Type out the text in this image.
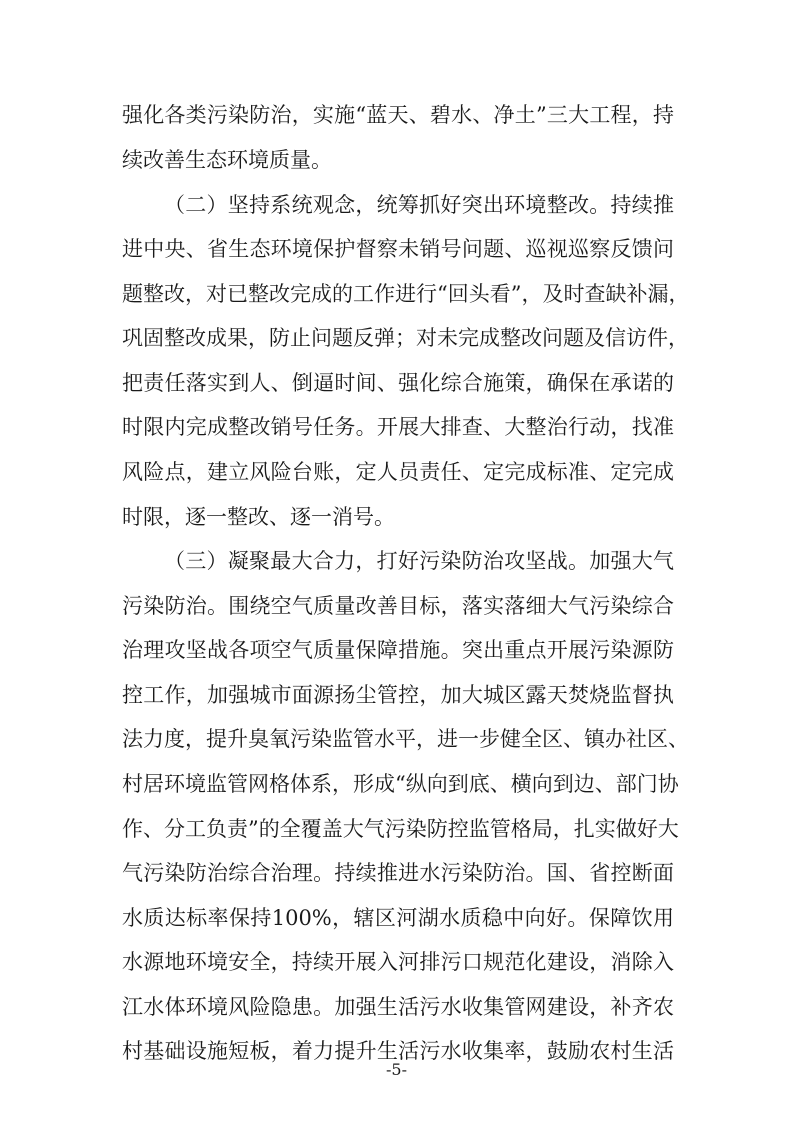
强化各类污染防治，实施“蓝天、碧水、净土”三大工程，持
续改善生态环境质量。
（二）坚持系统观念，统筹抓好突出环境整改。持续推
进中央、省生态环境保护督察未销号问题、巡视巡察反馈问
题整改，对已整改完成的工作进行“回头看”，及时查缺补漏，
巩固整改成果，防止问题反弹；对未完成整改问题及信访件，
把责任落实到人、倒逼时间、强化综合施策，确保在承诺的
时限内完成整改销号任务。开展大排查、大整治行动，找准
风险点，建立风险台账，定人员责任、定完成标准、定完成
时限，逐一整改、逐一消号。
（三）凝聚最大合力，打好污染防治攻坚战。加强大气
污染防治。围绕空气质量改善目标，落实落细大气污染综合
治理攻坚战各项空气质量保障措施。突出重点开展污染源防
控工作，加强城市面源扬尘管控，加大城区露天焚烧监督执
法力度，提升臭氧污染监管水平，进一步健全区、镇办社区、
村居环境监管网格体系，形成“纵向到底、横向到边、部门协
作、分工负责”的全覆盖大气污染防控监管格局，扎实做好大
气污染防治综合治理。持续推进水污染防治。国、省控断面
水质达标率保持100%，辖区河湖水质稳中向好。保障饮用
水源地环境安全，持续开展入河排污口规范化建设，消除入
江水体环境风险隐患。加强生活污水收集管网建设，补齐农
村基础设施短板，着力提升生活污水收集率，鼓励农村生活
-5-
